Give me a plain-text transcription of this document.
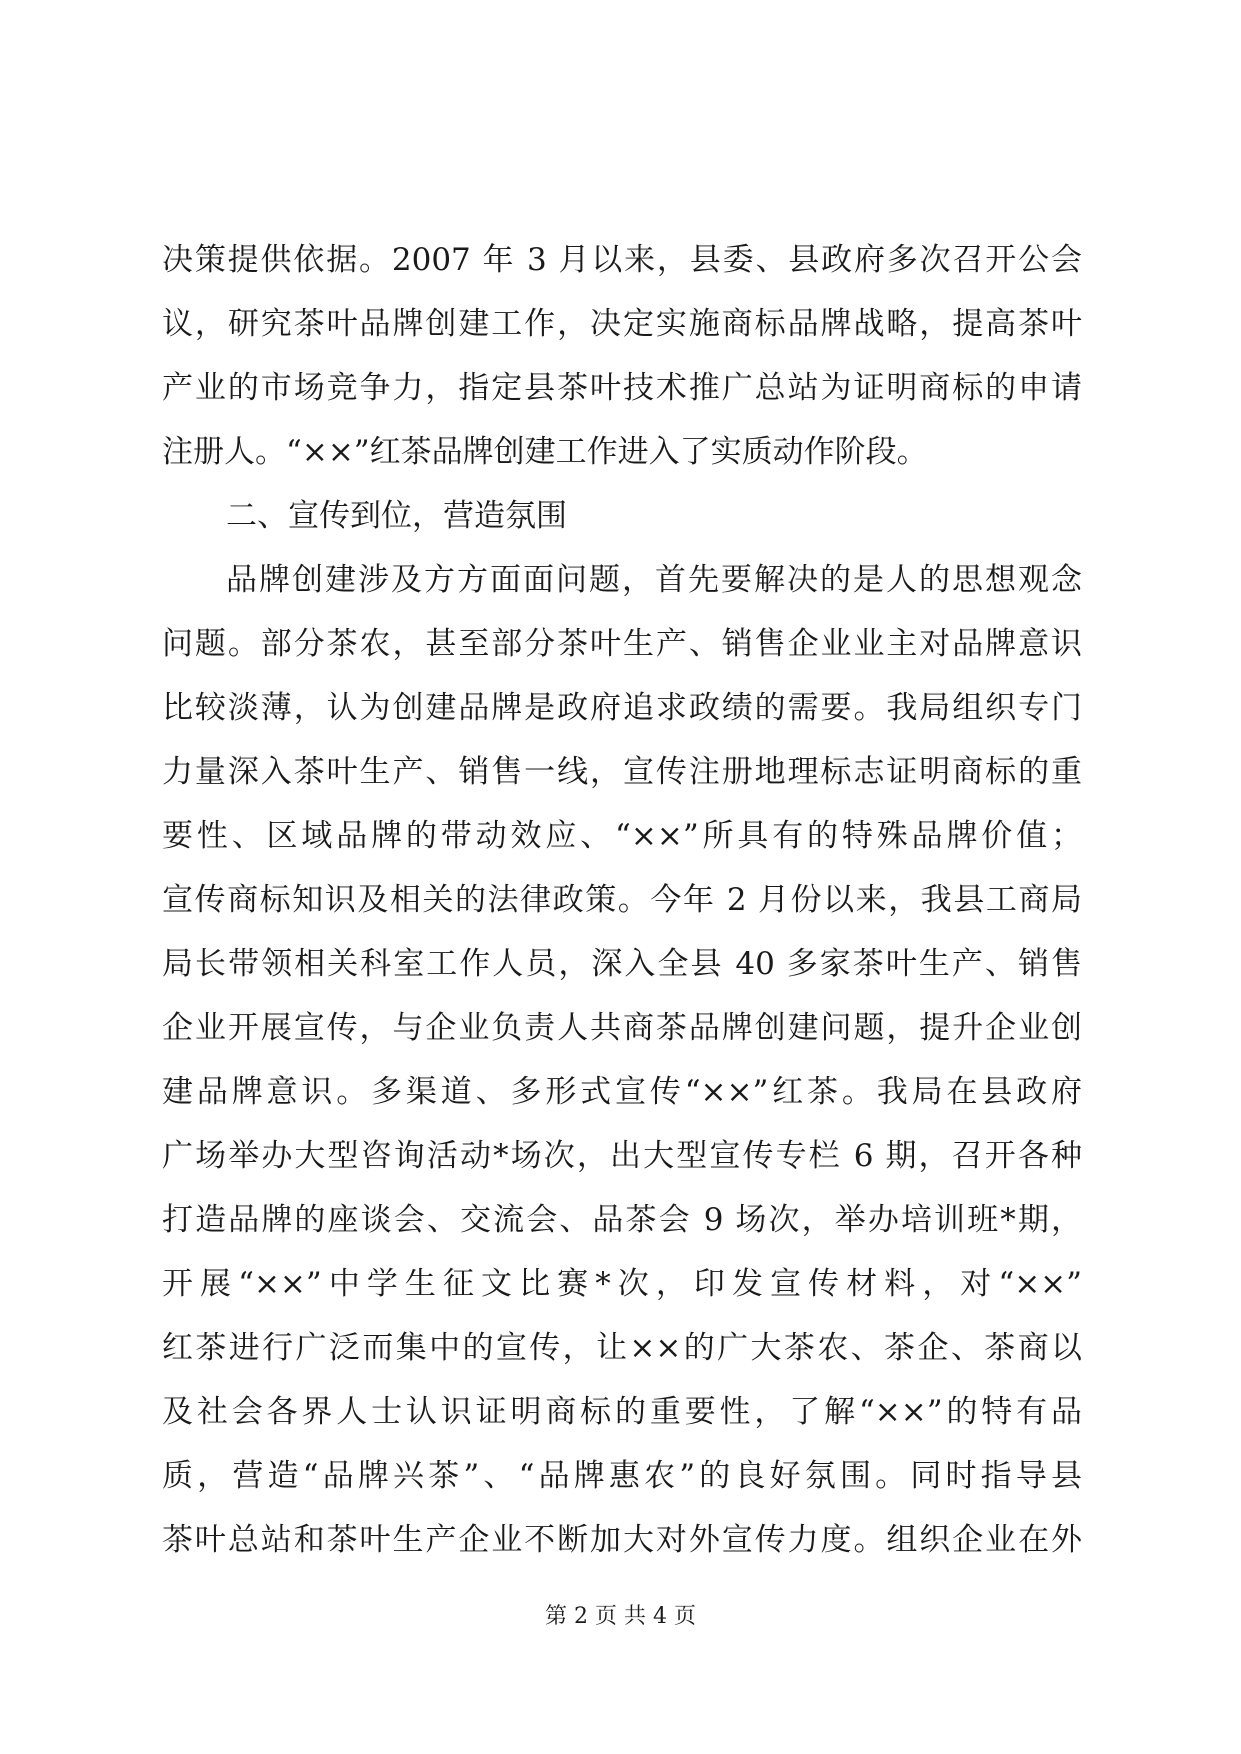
决策提供依据。2007 年 3 月以来，县委、县政府多次召开公会
议，研究茶叶品牌创建工作，决定实施商标品牌战略，提高茶叶
产业的市场竞争力，指定县茶叶技术推广总站为证明商标的申请
注册人。“××”红茶品牌创建工作进入了实质动作阶段。
二、宣传到位，营造氛围
品牌创建涉及方方面面问题，首先要解决的是人的思想观念
问题。部分茶农，甚至部分茶叶生产、销售企业业主对品牌意识
比较淡薄，认为创建品牌是政府追求政绩的需要。我局组织专门
力量深入茶叶生产、销售一线，宣传注册地理标志证明商标的重
要性、区域品牌的带动效应、“××”所具有的特殊品牌价值；
宣传商标知识及相关的法律政策。今年 2 月份以来，我县工商局
局长带领相关科室工作人员，深入全县 40 多家茶叶生产、销售
企业开展宣传，与企业负责人共商茶品牌创建问题，提升企业创
建品牌意识。多渠道、多形式宣传“××”红茶。我局在县政府
广场举办大型咨询活动*场次，出大型宣传专栏 6 期，召开各种
打造品牌的座谈会、交流会、品茶会 9 场次，举办培训班*期，
开展“××”中学生征文比赛*次，印发宣传材料，对“××”
红茶进行广泛而集中的宣传，让××的广大茶农、茶企、茶商以
及社会各界人士认识证明商标的重要性，了解“××”的特有品
质，营造“品牌兴茶”、“品牌惠农”的良好氛围。同时指导县
茶叶总站和茶叶生产企业不断加大对外宣传力度。组织企业在外
第 2 页 共 4 页
